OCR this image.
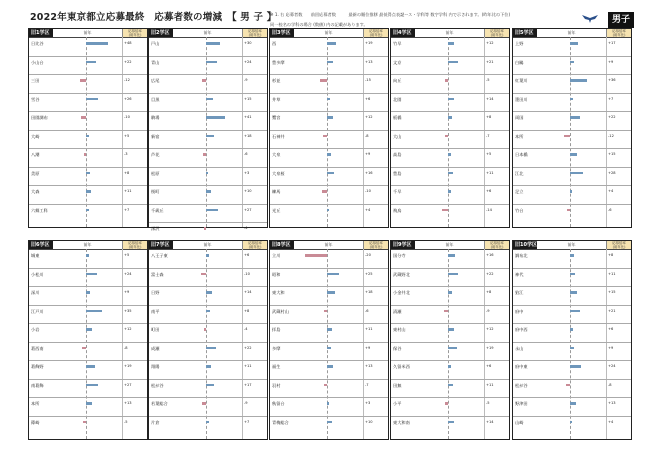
2022年東京都立応募最終　応募者数の増減　【 男 子 】
※ 1. 右 応募者数　　前回応募者数　　　最新の順位推移 最低得点表記
同一校名の学科の場合 (数値) 内の記載があります。
コース・学科等 数字学科 内で示されます。(昨年比の下位)
男子
旧1学区	前年	応募倍率
(前年比)
日比谷	+48
小山台	+22
三田	-12
雪谷	+26
田園調布	-10
大崎	+5
八潮	-3
美原	+8
大森	+11
六郷工科	+7
旧2学区	前年	応募倍率
(前年比)
戸山	+30
青山	+24
広尾	-9
目黒	+15
駒場	+41
新宿	+18
芦花	-6
松原	+3
桜町	+10
千歳丘	+27
深沢	-4
旧3学区	前年	応募倍率
(前年比)
西	+19
豊多摩	+13
杉並	-15
井草	+6
鷺宮	+12
石神井	-8
大泉	+9
大泉桜	+16
練馬	-10
光丘	+4
旧4学区	前年	応募倍率
(前年比)
竹早	+12
文京	+21
向丘	-5
北園	+14
板橋	+8
大山	-7
高島	+5
豊島	+11
千早	+6
飛鳥	-14
旧5学区	前年	応募倍率
(前年比)
上野	+17
白鷗	+9
紅葉川	+36
墨田川	+7
両国	+22
本所	-12
日本橋	+15
江北	+28
足立	+4
竹台	-6
旧6学区	前年	応募倍率
(前年比)
城東	+5
小松川	+24
深川	+9
江戸川	+35
小岩	+12
葛西南	-8
葛飾野	+19
南葛飾	+27
本所	+13
篠崎	-5
旧7学区	前年	応募倍率
(前年比)
八王子東	+6
富士森	-10
日野	+14
南平	+8
町田	-4
成瀬	+22
翔陽	+11
松が谷	+17
若葉総合	-9
片倉	+7
旧8学区	前年	応募倍率
(前年比)
立川	-20
昭和	+25
東大和	+18
武蔵村山	-6
拝島	+11
多摩	+9
福生	+13
羽村	-7
秋留台	+3
青梅総合	+10
旧9学区	前年	応募倍率
(前年比)
国分寺	+16
武蔵野北	+22
小金井北	+8
清瀬	-9
東村山	+12
保谷	+19
久留米西	+6
田無	+11
小平	-5
東大和南	+14
旧10学区	前年	応募倍率
(前年比)
調布北	+8
神代	+11
狛江	+15
府中	+21
府中西	+6
永山	+9
府中東	+24
松が谷	-8
野津田	+13
山崎	+4
